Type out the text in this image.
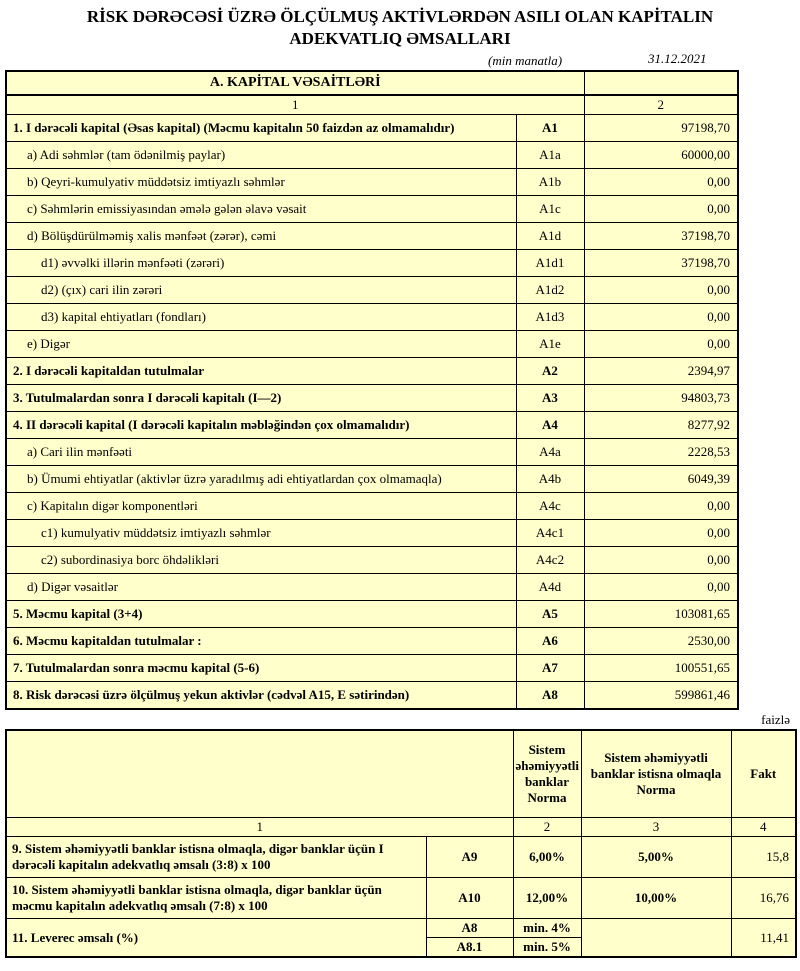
RİSK DƏRƏCƏSİ ÜZRƏ ÖLÇÜLMUŞ AKTİVLƏRDƏN ASILI OLAN KAPİTALIN
ADEKVATLIQ ƏMSALLARI
(min manatla)	31.12.2021
A. KAPİTAL VƏSAİTLƏRİ		
1		2
1. I dərəcəli kapital (Əsas kapital) (Məcmu kapitalın 50 faizdən az olmamalıdır)	A1	97198,70
a) Adi səhmlər (tam ödənilmiş paylar)	A1a	60000,00
b) Qeyri-kumulyativ müddətsiz imtiyazlı səhmlər	A1b	0,00
c) Səhmlərin emissiyasından əmələ gələn əlavə vəsait	A1c	0,00
d) Bölüşdürülməmiş xalis mənfəət (zərər), cəmi	A1d	37198,70
d1) əvvəlki illərin mənfəəti (zərəri)	A1d1	37198,70
d2) (çıx) cari ilin zərəri	A1d2	0,00
d3) kapital ehtiyatları (fondları)	A1d3	0,00
e) Digər	A1e	0,00
2. I dərəcəli kapitaldan tutulmalar	A2	2394,97
3. Tutulmalardan sonra I dərəcəli kapitalı (I—2)	A3	94803,73
4. II dərəcəli kapital (I dərəcəli kapitalın məbləğindən çox olmamalıdır)	A4	8277,92
a) Cari ilin mənfəəti	A4a	2228,53
b) Ümumi ehtiyatlar (aktivlər üzrə yaradılmış adi ehtiyatlardan çox olmamaqla)	A4b	6049,39
c) Kapitalın digər komponentləri	A4c	0,00
c1) kumulyativ müddətsiz imtiyazlı səhmlər	A4c1	0,00
c2) subordinasiya borc öhdəlikləri	A4c2	0,00
d) Digər vəsaitlər	A4d	0,00
5. Məcmu kapital (3+4)	A5	103081,65
6. Məcmu kapitaldan tutulmalar :	A6	2530,00
7. Tutulmalardan sonra məcmu kapital (5-6)	A7	100551,65
8. Risk dərəcəsi üzrə ölçülmuş yekun aktivlər (cədvəl A15, E sətirindən)	A8	599861,46
faizlə
		Sistem əhəmiyyətli banklar Norma	Sistem əhəmiyyətli banklar istisna olmaqla Norma	Fakt
1		2	3	4
9. Sistem əhəmiyyətli banklar istisna olmaqla, digər banklar üçün I dərəcəli kapitalın adekvatlıq əmsalı (3:8) x 100	A9	6,00%	5,00%	15,8
10. Sistem əhəmiyyətli banklar istisna olmaqla, digər banklar üçün məcmu kapitalın adekvatlıq əmsalı (7:8) x 100	A10	12,00%	10,00%	16,76
11. Leverec əmsalı (%)	A8	min. 4%		11,41
	A8.1	min. 5%		
